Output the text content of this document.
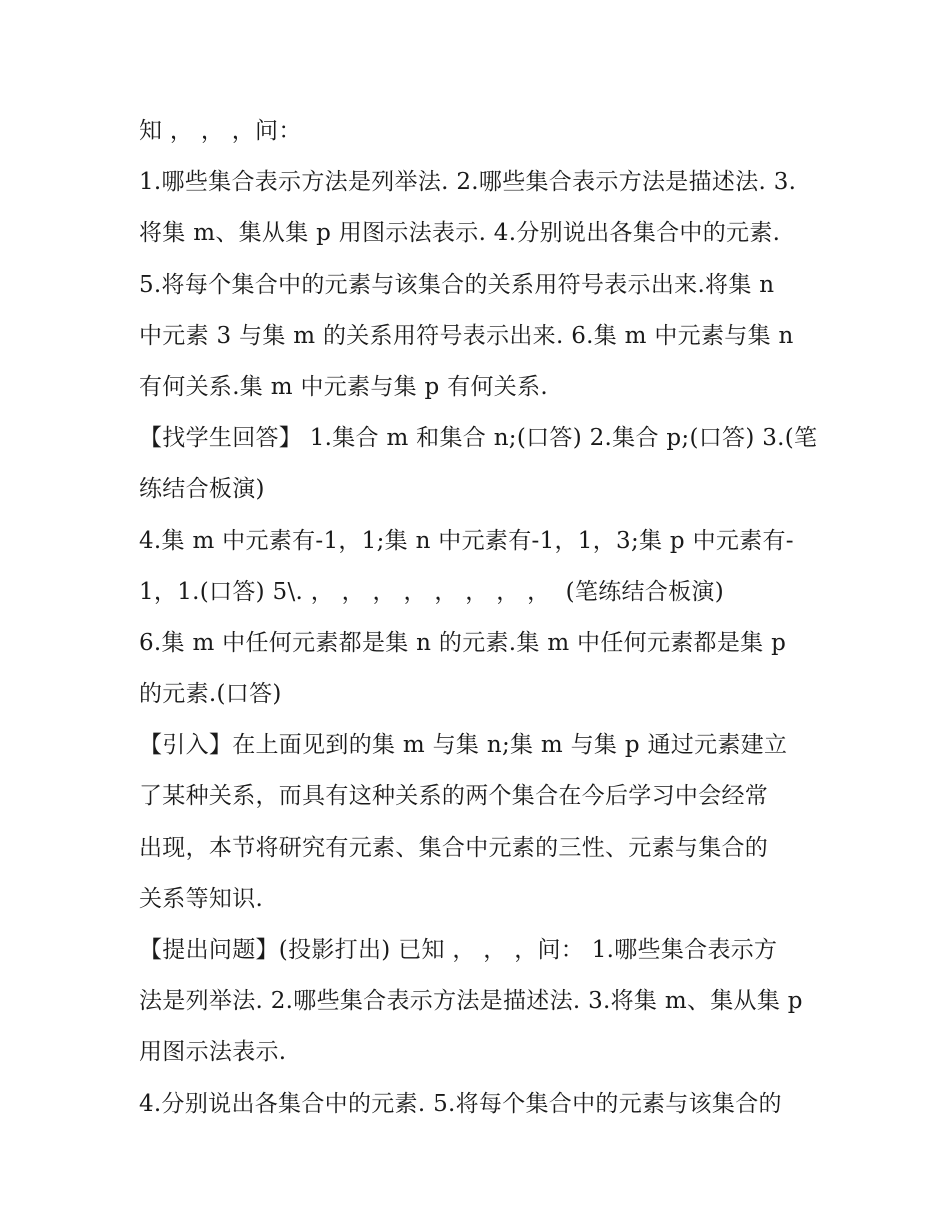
知 ， ， ，问：
1.哪些集合表示方法是列举法. 2.哪些集合表示方法是描述法. 3.
将集 m、集从集 p 用图示法表示. 4.分别说出各集合中的元素.
5.将每个集合中的元素与该集合的关系用符号表示出来.将集 n
中元素 3 与集 m 的关系用符号表示出来. 6.集 m 中元素与集 n
有何关系.集 m 中元素与集 p 有何关系.
【找学生回答】 1.集合 m 和集合 n;(口答) 2.集合 p;(口答) 3.(笔
练结合板演)
4.集 m 中元素有-1，1;集 n 中元素有-1，1，3;集 p 中元素有-
1，1.(口答) 5\. ， ， ， ， ， ， ， ，  (笔练结合板演)
6.集 m 中任何元素都是集 n 的元素.集 m 中任何元素都是集 p
的元素.(口答)
【引入】在上面见到的集 m 与集 n;集 m 与集 p 通过元素建立
了某种关系，而具有这种关系的两个集合在今后学习中会经常
出现，本节将研究有元素、集合中元素的三性、元素与集合的
关系等知识.
【提出问题】(投影打出) 已知 ， ， ，问： 1.哪些集合表示方
法是列举法. 2.哪些集合表示方法是描述法. 3.将集 m、集从集 p
用图示法表示.
4.分别说出各集合中的元素. 5.将每个集合中的元素与该集合的
